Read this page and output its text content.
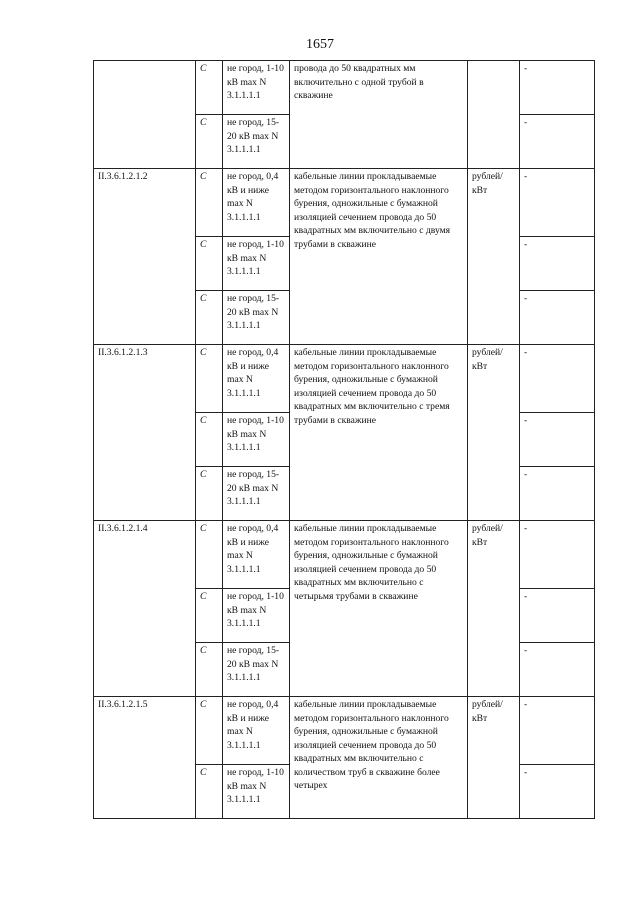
1657
	C	не город, 1-10 кВ max N 3.1.1.1.1	провода до 50 квадратных мм включительно с одной трубой в скважине		-
	C	не город, 15-20 кВ max N 3.1.1.1.1			-
II.3.6.1.2.1.2	C	не город, 0,4 кВ и ниже max N 3.1.1.1.1	кабельные линии прокладываемые методом горизонтального наклонного бурения, одножильные с бумажной изоляцией сечением провода до 50 квадратных мм включительно с двумя трубами в скважине	рублей/ кВт	-
	C	не город, 1-10 кВ max N 3.1.1.1.1			-
	C	не город, 15-20 кВ max N 3.1.1.1.1			-
II.3.6.1.2.1.3	C	не город, 0,4 кВ и ниже max N 3.1.1.1.1	кабельные линии прокладываемые методом горизонтального наклонного бурения, одножильные с бумажной изоляцией сечением провода до 50 квадратных мм включительно с тремя трубами в скважине	рублей/ кВт	-
	C	не город, 1-10 кВ max N 3.1.1.1.1			-
	C	не город, 15-20 кВ max N 3.1.1.1.1			-
II.3.6.1.2.1.4	C	не город, 0,4 кВ и ниже max N 3.1.1.1.1	кабельные линии прокладываемые методом горизонтального наклонного бурения, одножильные с бумажной изоляцией сечением провода до 50 квадратных мм включительно с четырьмя трубами в скважине	рублей/ кВт	-
	C	не город, 1-10 кВ max N 3.1.1.1.1			-
	C	не город, 15-20 кВ max N 3.1.1.1.1			-
II.3.6.1.2.1.5	C	не город, 0,4 кВ и ниже max N 3.1.1.1.1	кабельные линии прокладываемые методом горизонтального наклонного бурения, одножильные с бумажной изоляцией сечением провода до 50 квадратных мм включительно с количеством труб в скважине более четырех	рублей/ кВт	-
	C	не город, 1-10 кВ max N 3.1.1.1.1			-
